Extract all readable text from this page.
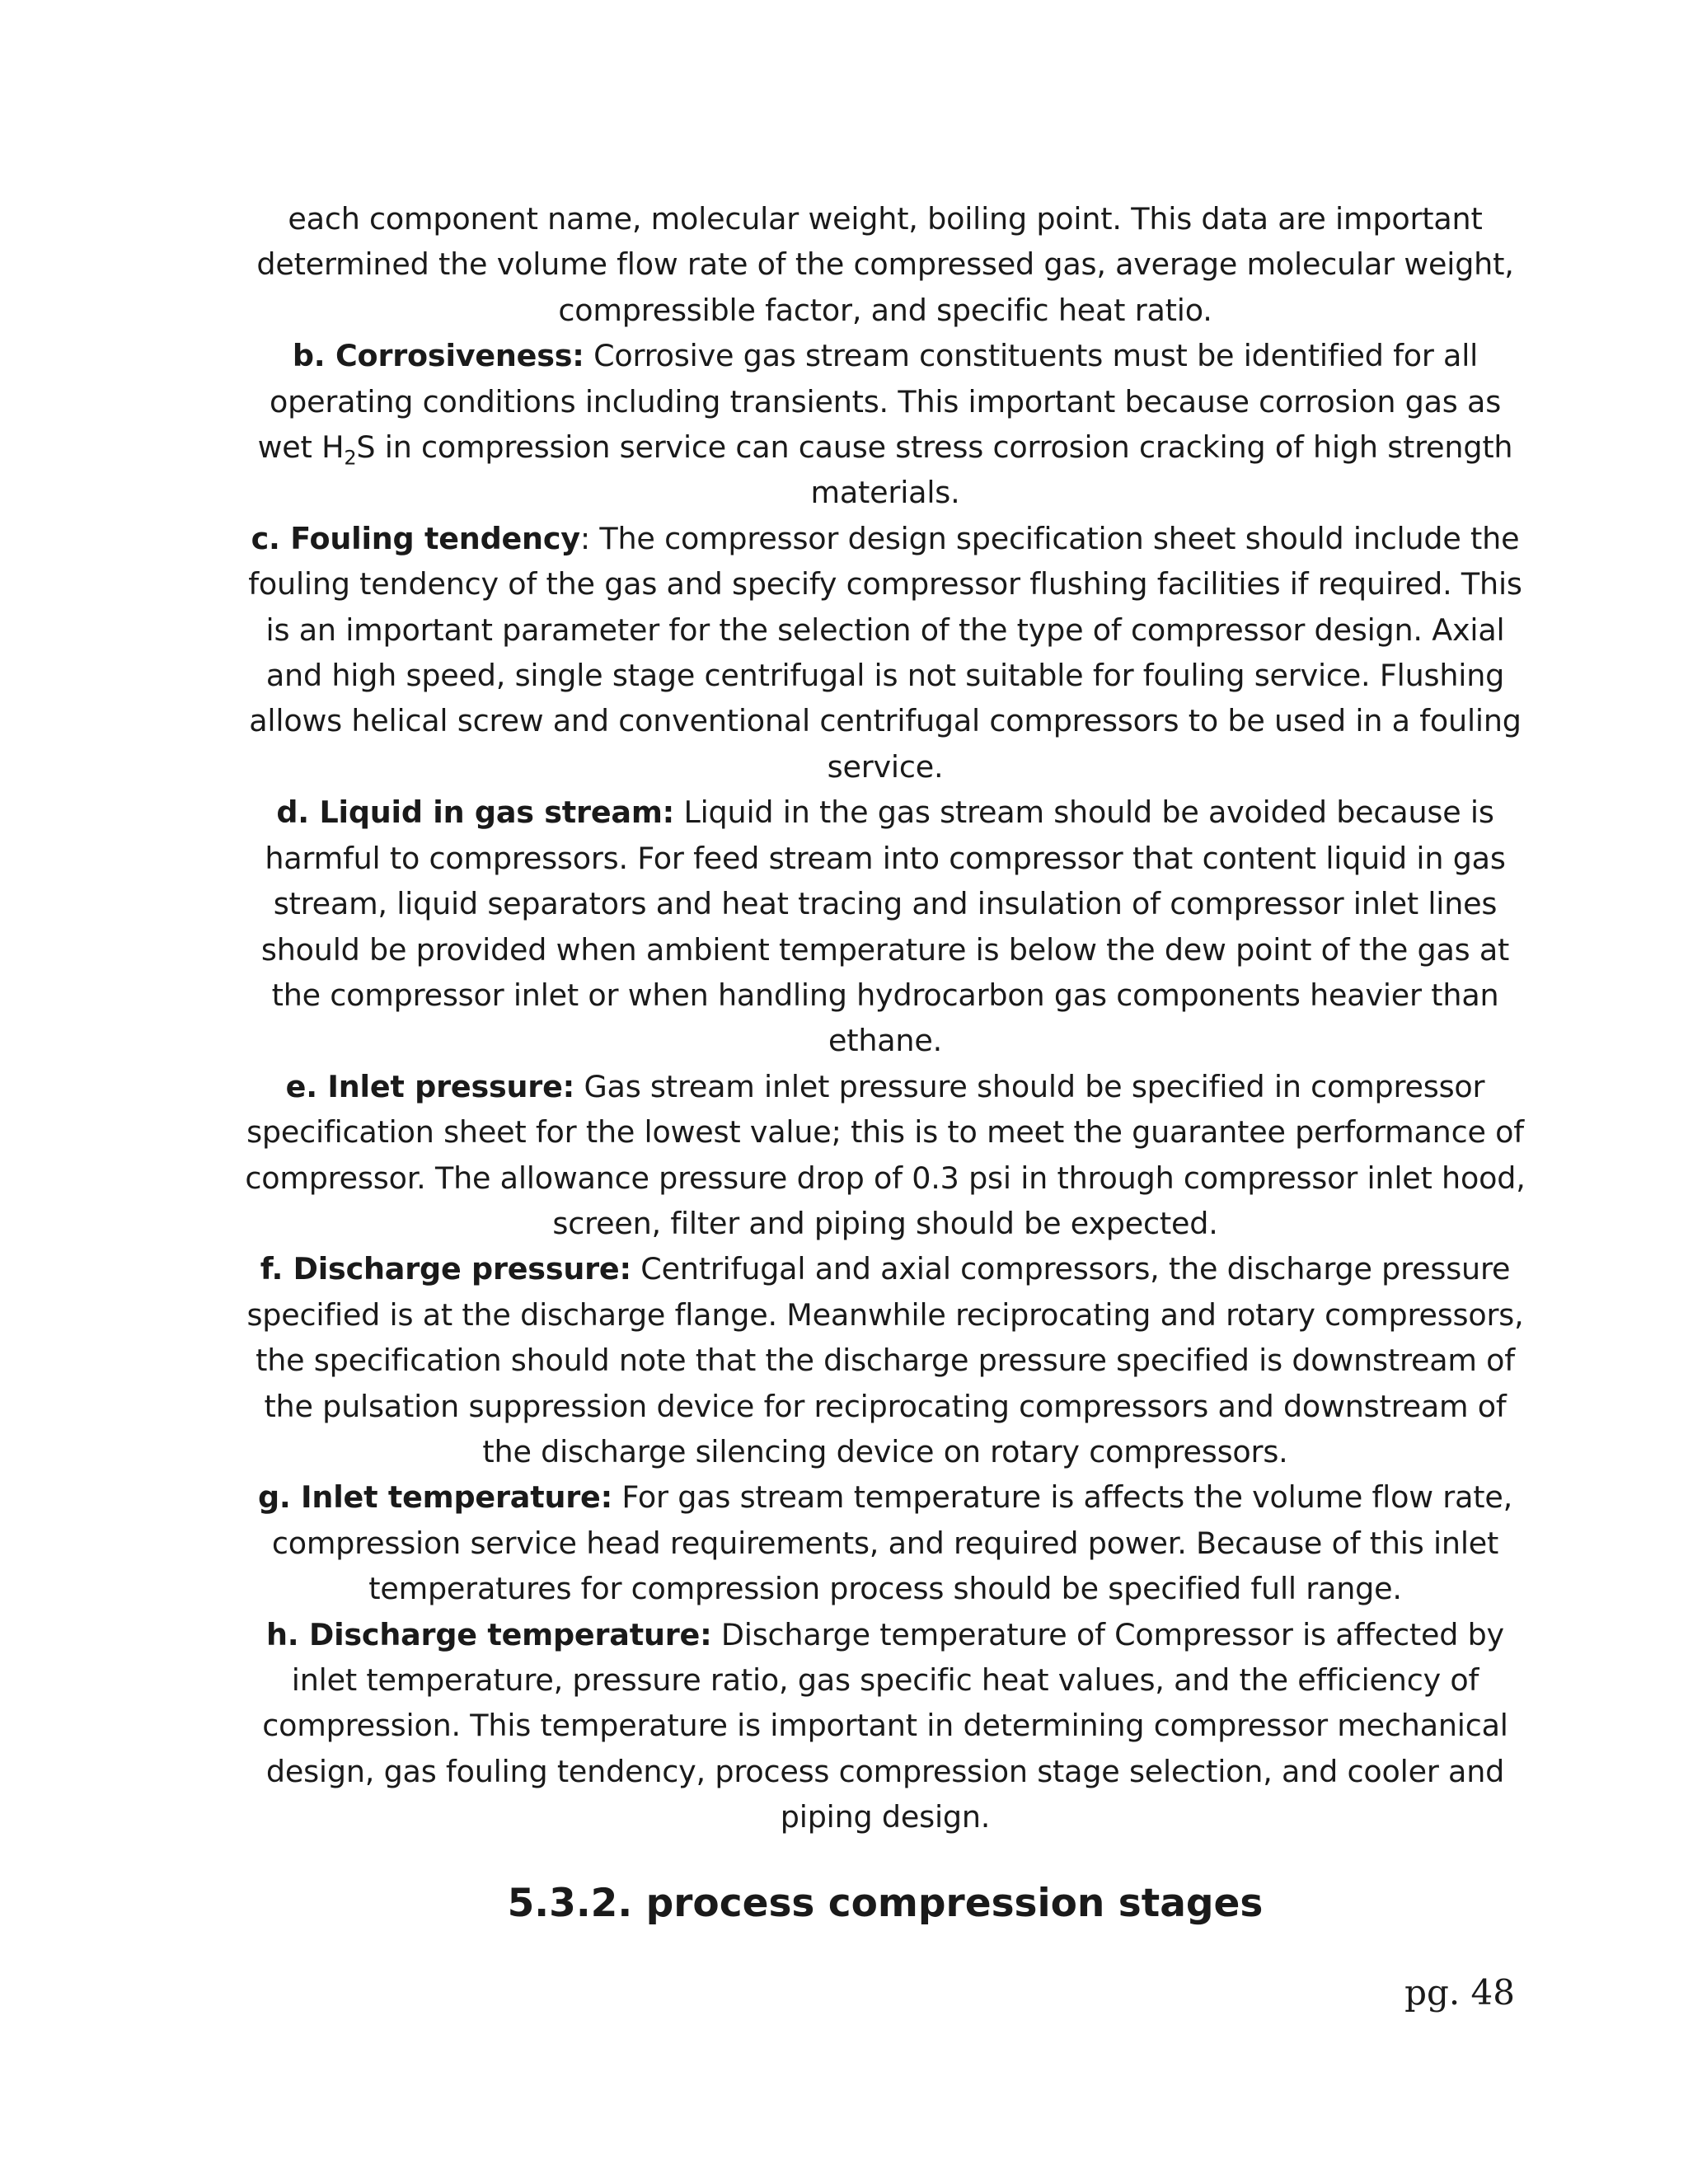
each component name, molecular weight, boiling point. This data are important determined the volume flow rate of the compressed gas, average molecular weight, compressible factor, and specific heat ratio.

b. Corrosiveness: Corrosive gas stream constituents must be identified for all operating conditions including transients. This important because corrosion gas as wet $H_2S$ in compression service can cause stress corrosion cracking of high strength materials.

c. Fouling tendency: The compressor design specification sheet should include the fouling tendency of the gas and specify compressor flushing facilities if required. This is an important parameter for the selection of the type of compressor design. Axial and high speed, single stage centrifugal is not suitable for fouling service. Flushing allows helical screw and conventional centrifugal compressors to be used in a fouling service.

d. Liquid in gas stream: Liquid in the gas stream should be avoided because is harmful to compressors. For feed stream into compressor that content liquid in gas stream, liquid separators and heat tracing and insulation of compressor inlet lines should be provided when ambient temperature is below the dew point of the gas at the compressor inlet or when handling hydrocarbon gas components heavier than ethane.

e. Inlet pressure: Gas stream inlet pressure should be specified in compressor specification sheet for the lowest value; this is to meet the guarantee performance of compressor. The allowance pressure drop of 0.3 psi in through compressor inlet hood, screen, filter and piping should be expected.

f. Discharge pressure: Centrifugal and axial compressors, the discharge pressure specified is at the discharge flange. Meanwhile reciprocating and rotary compressors, the specification should note that the discharge pressure specified is downstream of the pulsation suppression device for reciprocating compressors and downstream of the discharge silencing device on rotary compressors.

g. Inlet temperature: For gas stream temperature is affects the volume flow rate, compression service head requirements, and required power. Because of this inlet temperatures for compression process should be specified full range.

h. Discharge temperature: Discharge temperature of Compressor is affected by inlet temperature, pressure ratio, gas specific heat values, and the efficiency of compression. This temperature is important in determining compressor mechanical design, gas fouling tendency, process compression stage selection, and cooler and piping design.

5.3.2. process compression stages
pg. 48
